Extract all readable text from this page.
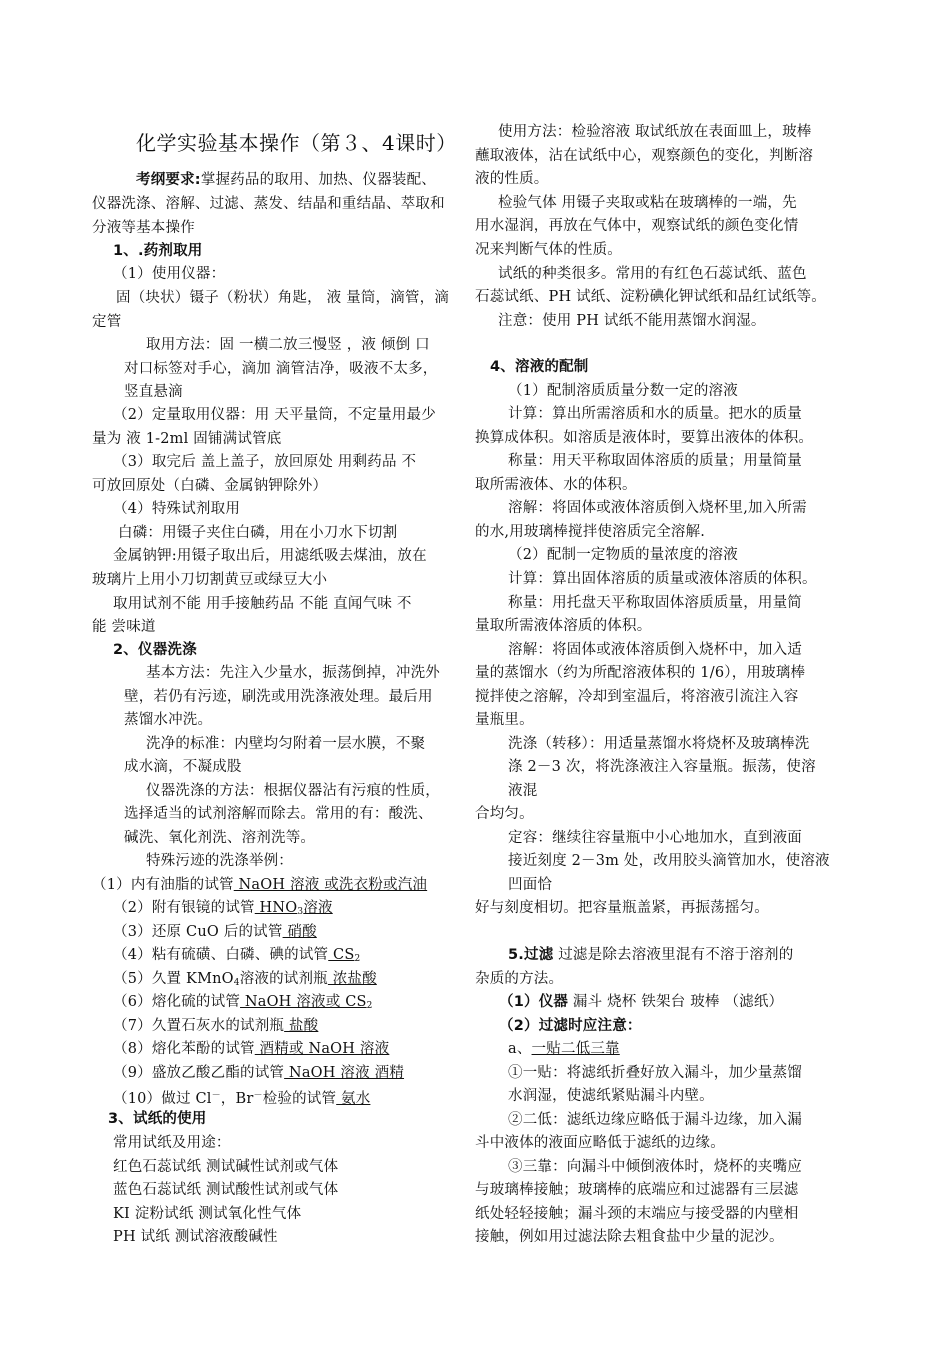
化学实验基本操作（第３、4课时）
考纲要求:掌握药品的取用、加热、仪器装配、
仪器洗涤、溶解、过滤、蒸发、结晶和重结晶、萃取和
分液等基本操作
1、.药剂取用
（1）使用仪器：
固（块状）镊子（粉状）角匙， 液 量筒，滴管，滴
定管
取用方法：固 一横二放三慢竖 ，液 倾倒 口
对口标签对手心，滴加 滴管洁净，吸液不太多，
竖直悬滴
（2）定量取用仪器：用 天平量筒，不定量用最少
量为 液 1-2ml 固铺满试管底
（3）取完后 盖上盖子，放回原处 用剩药品 不
可放回原处（白磷、金属钠钾除外）
（4）特殊试剂取用
白磷：用镊子夹住白磷，用在小刀水下切割
金属钠钾:用镊子取出后，用滤纸吸去煤油，放在
玻璃片上用小刀切割黄豆或绿豆大小
取用试剂不能 用手接触药品 不能 直闻气味 不
能 尝味道
2、仪器洗涤
基本方法：先注入少量水，振荡倒掉，冲洗外
壁，若仍有污迹，刷洗或用洗涤液处理。最后用
蒸馏水冲洗。
洗净的标准：内壁均匀附着一层水膜，不聚
成水滴，不凝成股
仪器洗涤的方法：根据仪器沾有污痕的性质，
选择适当的试剂溶解而除去。常用的有：酸洗、
碱洗、氧化剂洗、溶剂洗等。
特殊污迹的洗涤举例：
（1）内有油脂的试管 NaOH 溶液 或洗衣粉或汽油
（2）附有银镜的试管 $HNO_3$溶液
（3）还原 CuO 后的试管 硝酸
（4）粘有硫磺、白磷、碘的试管 $CS_2$
（5）久置 KMnO$_4$溶液的试剂瓶 浓盐酸
（6）熔化硫的试管 NaOH 溶液或 $CS_2$
（7）久置石灰水的试剂瓶 盐酸
（8）熔化苯酚的试管 酒精或 NaOH 溶液
（9）盛放乙酸乙酯的试管 NaOH 溶液 酒精
（10）做过 Cl－，Br－检验的试管 氨水
3、试纸的使用
常用试纸及用途：
红色石蕊试纸 测试碱性试剂或气体
蓝色石蕊试纸 测试酸性试剂或气体
KI 淀粉试纸 测试氧化性气体
PH 试纸 测试溶液酸碱性
使用方法：检验溶液 取试纸放在表面皿上，玻棒
蘸取液体，沾在试纸中心，观察颜色的变化，判断溶
液的性质。
检验气体 用镊子夹取或粘在玻璃棒的一端，先
用水湿润，再放在气体中，观察试纸的颜色变化情
况来判断气体的性质。
试纸的种类很多。常用的有红色石蕊试纸、蓝色
石蕊试纸、PH 试纸、淀粉碘化钾试纸和品红试纸等。
注意：使用 PH 试纸不能用蒸馏水润湿。
4、溶液的配制
（1）配制溶质质量分数一定的溶液
计算：算出所需溶质和水的质量。把水的质量
换算成体积。如溶质是液体时，要算出液体的体积。
称量：用天平称取固体溶质的质量；用量简量
取所需液体、水的体积。
溶解：将固体或液体溶质倒入烧杯里,加入所需
的水,用玻璃棒搅拌使溶质完全溶解.
（2）配制一定物质的量浓度的溶液
计算：算出固体溶质的质量或液体溶质的体积。
称量：用托盘天平称取固体溶质质量，用量简
量取所需液体溶质的体积。
溶解：将固体或液体溶质倒入烧杯中，加入适
量的蒸馏水（约为所配溶液体积的 1/6），用玻璃棒
搅拌使之溶解，冷却到室温后，将溶液引流注入容
量瓶里。
洗涤（转移）：用适量蒸馏水将烧杯及玻璃棒洗
涤 2－3 次，将洗涤液注入容量瓶。振荡，使溶
液混
合均匀。
定容：继续往容量瓶中小心地加水，直到液面
接近刻度 2－3m 处，改用胶头滴管加水，使溶液
凹面恰
好与刻度相切。把容量瓶盖紧，再振荡摇匀。
5.过滤 过滤是除去溶液里混有不溶于溶剂的
杂质的方法。
（1）仪器 漏斗 烧杯 铁架台 玻棒 （滤纸）
（2）过滤时应注意：
a、一贴二低三靠
①一贴：将滤纸折叠好放入漏斗，加少量蒸馏
水润湿，使滤纸紧贴漏斗内壁。
②二低：滤纸边缘应略低于漏斗边缘，加入漏
斗中液体的液面应略低于滤纸的边缘。
③三靠：向漏斗中倾倒液体时，烧杯的夹嘴应
与玻璃棒接触；玻璃棒的底端应和过滤器有三层滤
纸处轻轻接触；漏斗颈的末端应与接受器的内壁相
接触，例如用过滤法除去粗食盐中少量的泥沙。
